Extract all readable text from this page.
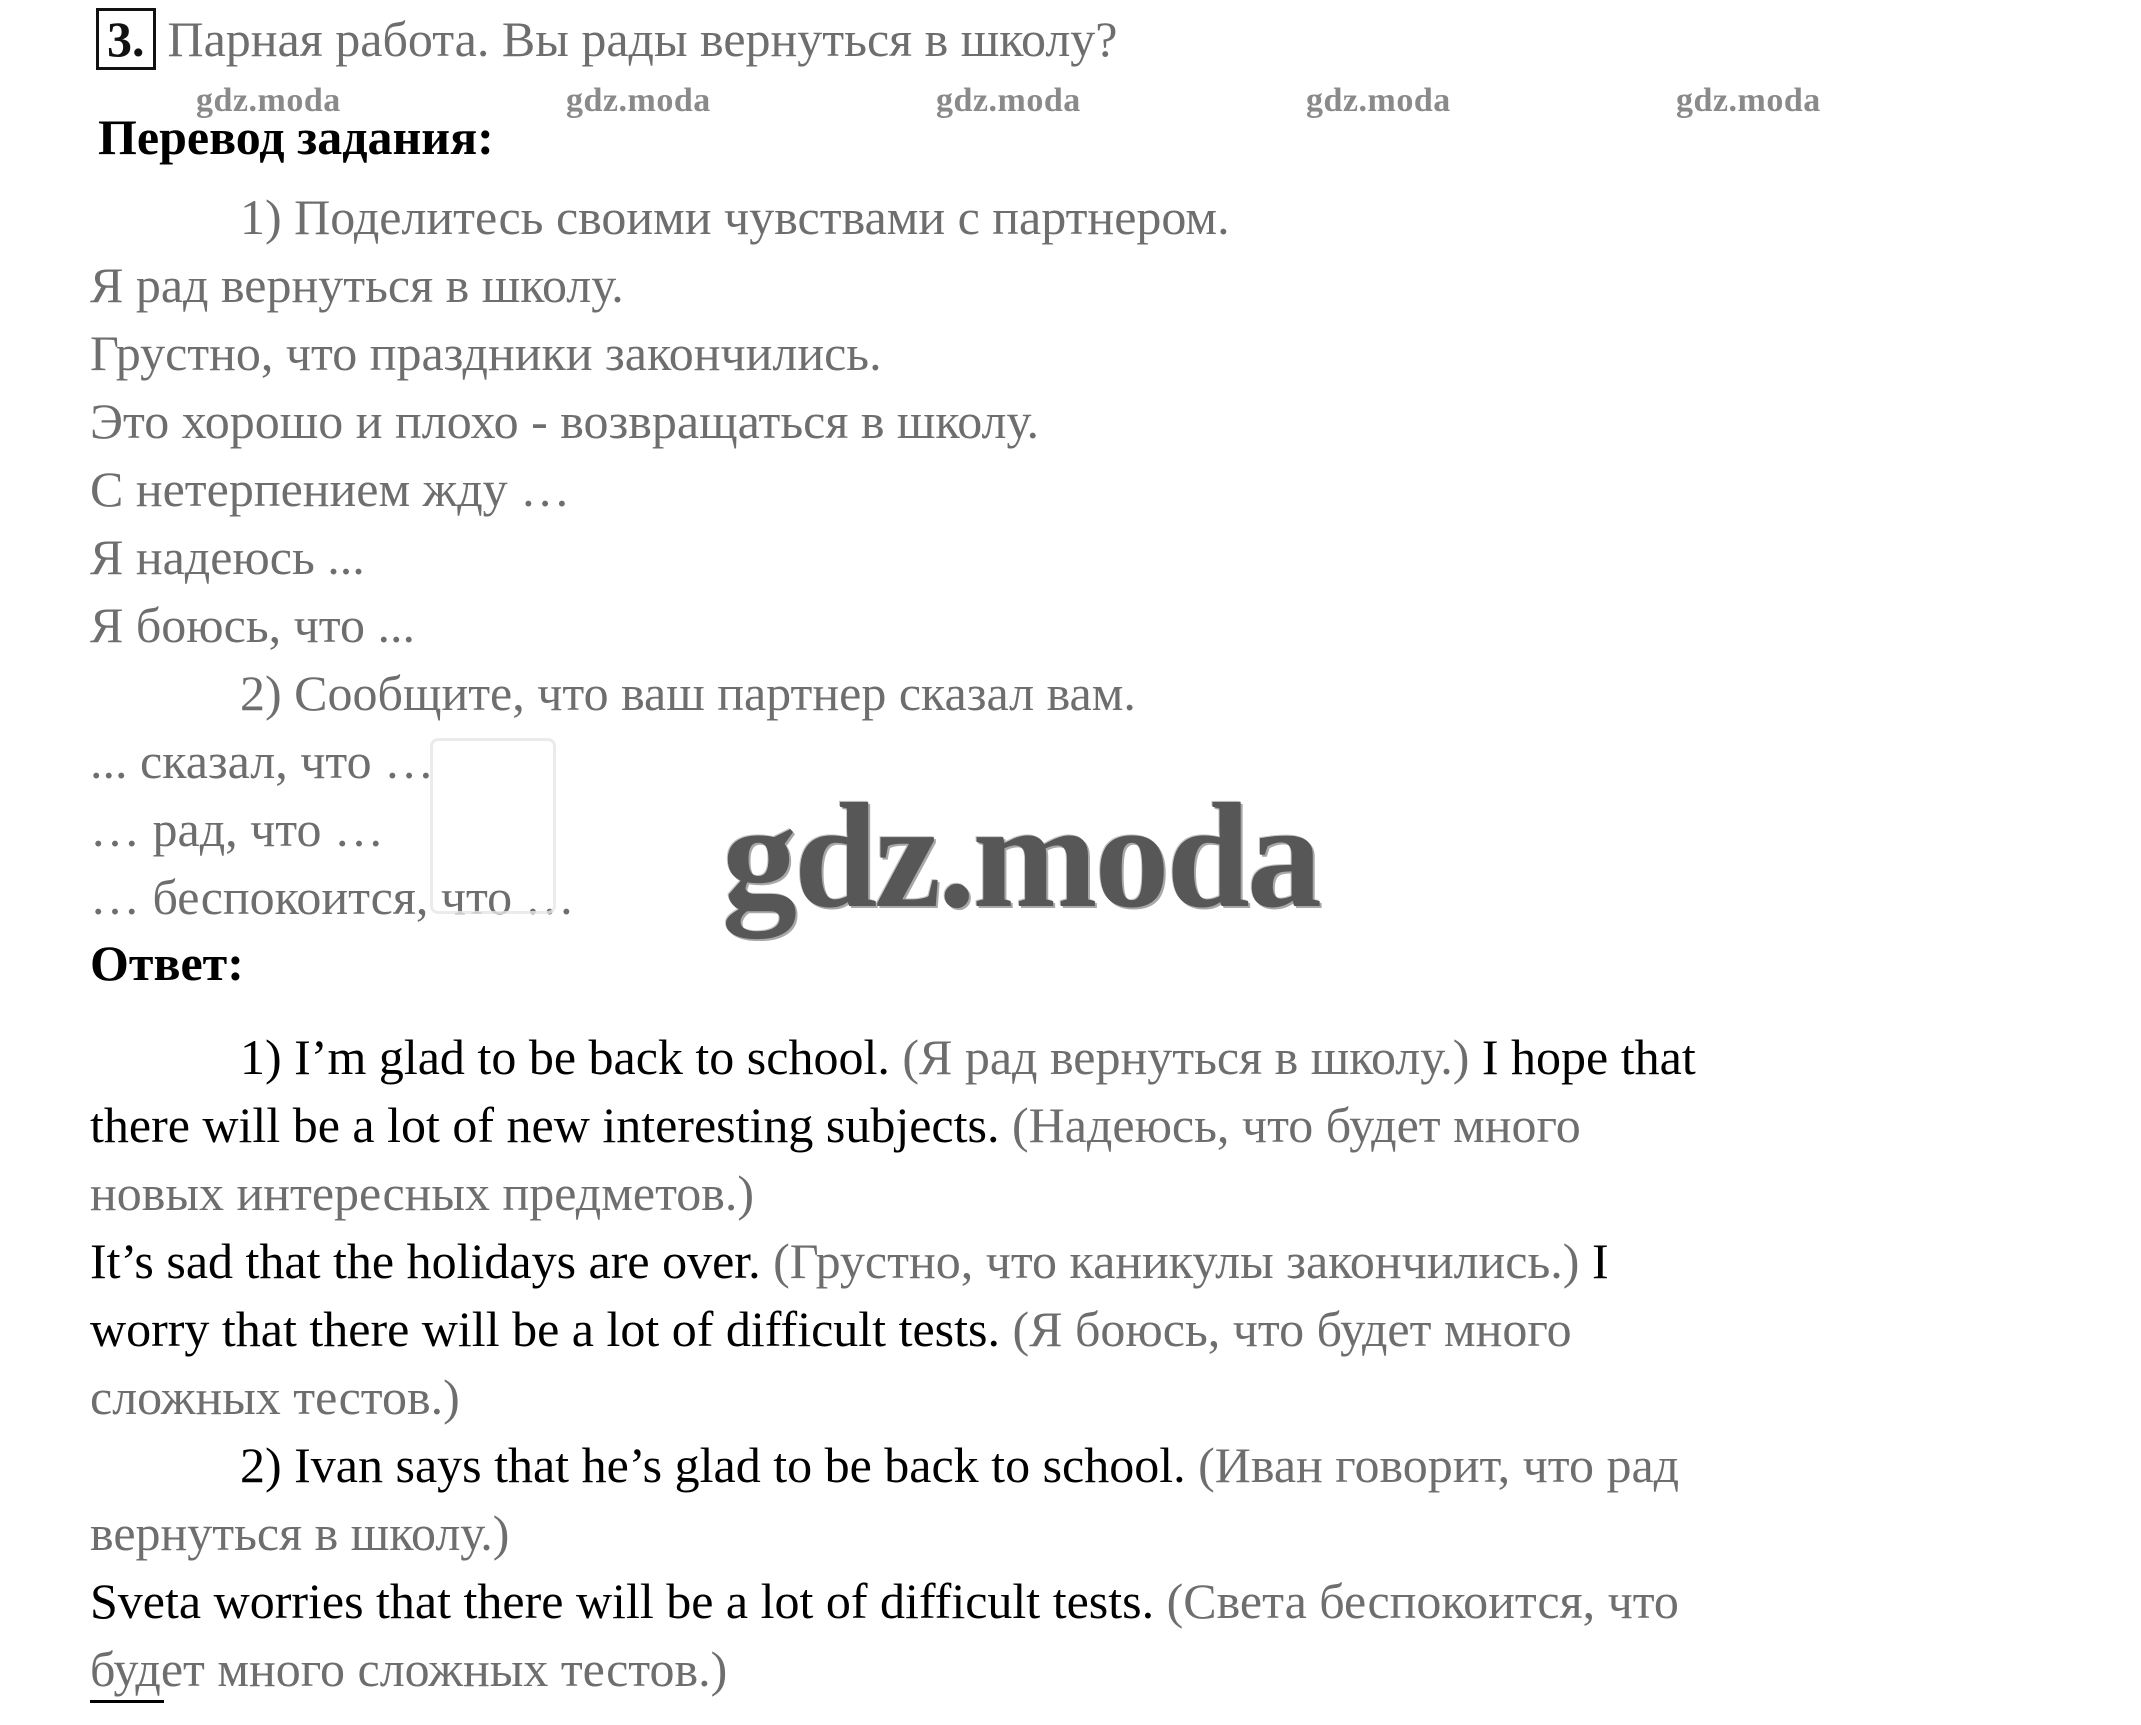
3. Парная работа. Вы рады вернуться в школу?
gdz.moda	gdz.moda	gdz.moda	gdz.moda	gdz.moda
Перевод задания:

1) Поделитесь своими чувствами с партнером.

Я рад вернуться в школу.

Грустно, что праздники закончились.

Это хорошо и плохо - возвращаться в школу.

С нетерпением жду …

Я надеюсь ...

Я боюсь, что ...

2) Сообщите, что ваш партнер сказал вам.

... сказал, что …

… рад, что …

… беспокоится, что … gdz.moda
Ответ:

1) I’m glad to be back to school. (Я рад вернуться в школу.) I hope that

there will be a lot of new interesting subjects. (Надеюсь, что будет много

новых интересных предметов.)

It’s sad that the holidays are over. (Грустно, что каникулы закончились.) I

worry that there will be a lot of difficult tests. (Я боюсь, что будет много

сложных тестов.)

2) Ivan says that he’s glad to be back to school. (Иван говорит, что рад

вернуться в школу.)

Sveta worries that there will be a lot of difficult tests. (Света беспокоится, что

будет много сложных тестов.)
